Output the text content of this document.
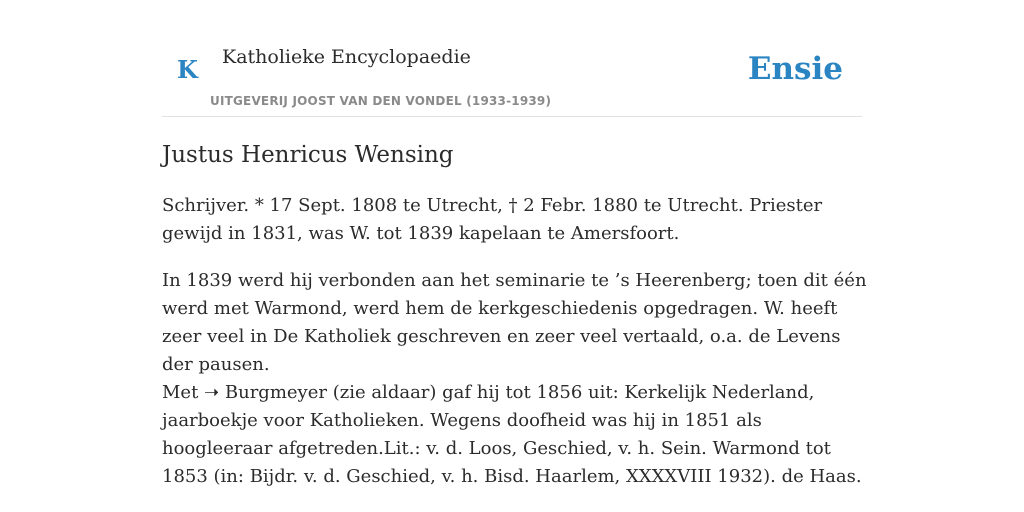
K Katholieke Encyclopaedie
UITGEVERIJ JOOST VAN DEN VONDEL (1933-1939)
Ensie
Justus Henricus Wensing

Schrijver. * 17 Sept. 1808 te Utrecht, † 2 Febr. 1880 te Utrecht. Priester gewijd in 1831, was W. tot 1839 kapelaan te Amersfoort.

In 1839 werd hij verbonden aan het seminarie te ’s Heerenberg; toen dit één werd met Warmond, werd hem de kerkgeschiedenis opgedragen. W. heeft zeer veel in De Katholiek geschreven en zeer veel vertaald, o.a. de Levens der pausen.

Met ➝ Burgmeyer (zie aldaar) gaf hij tot 1856 uit: Kerkelijk Nederland, jaarboekje voor Katholieken. Wegens doofheid was hij in 1851 als hoogleeraar afgetreden.Lit.: v. d. Loos, Geschied, v. h. Sein. Warmond tot 1853 (in: Bijdr. v. d. Geschied, v. h. Bisd. Haarlem, XXXXVIII 1932). de Haas.
